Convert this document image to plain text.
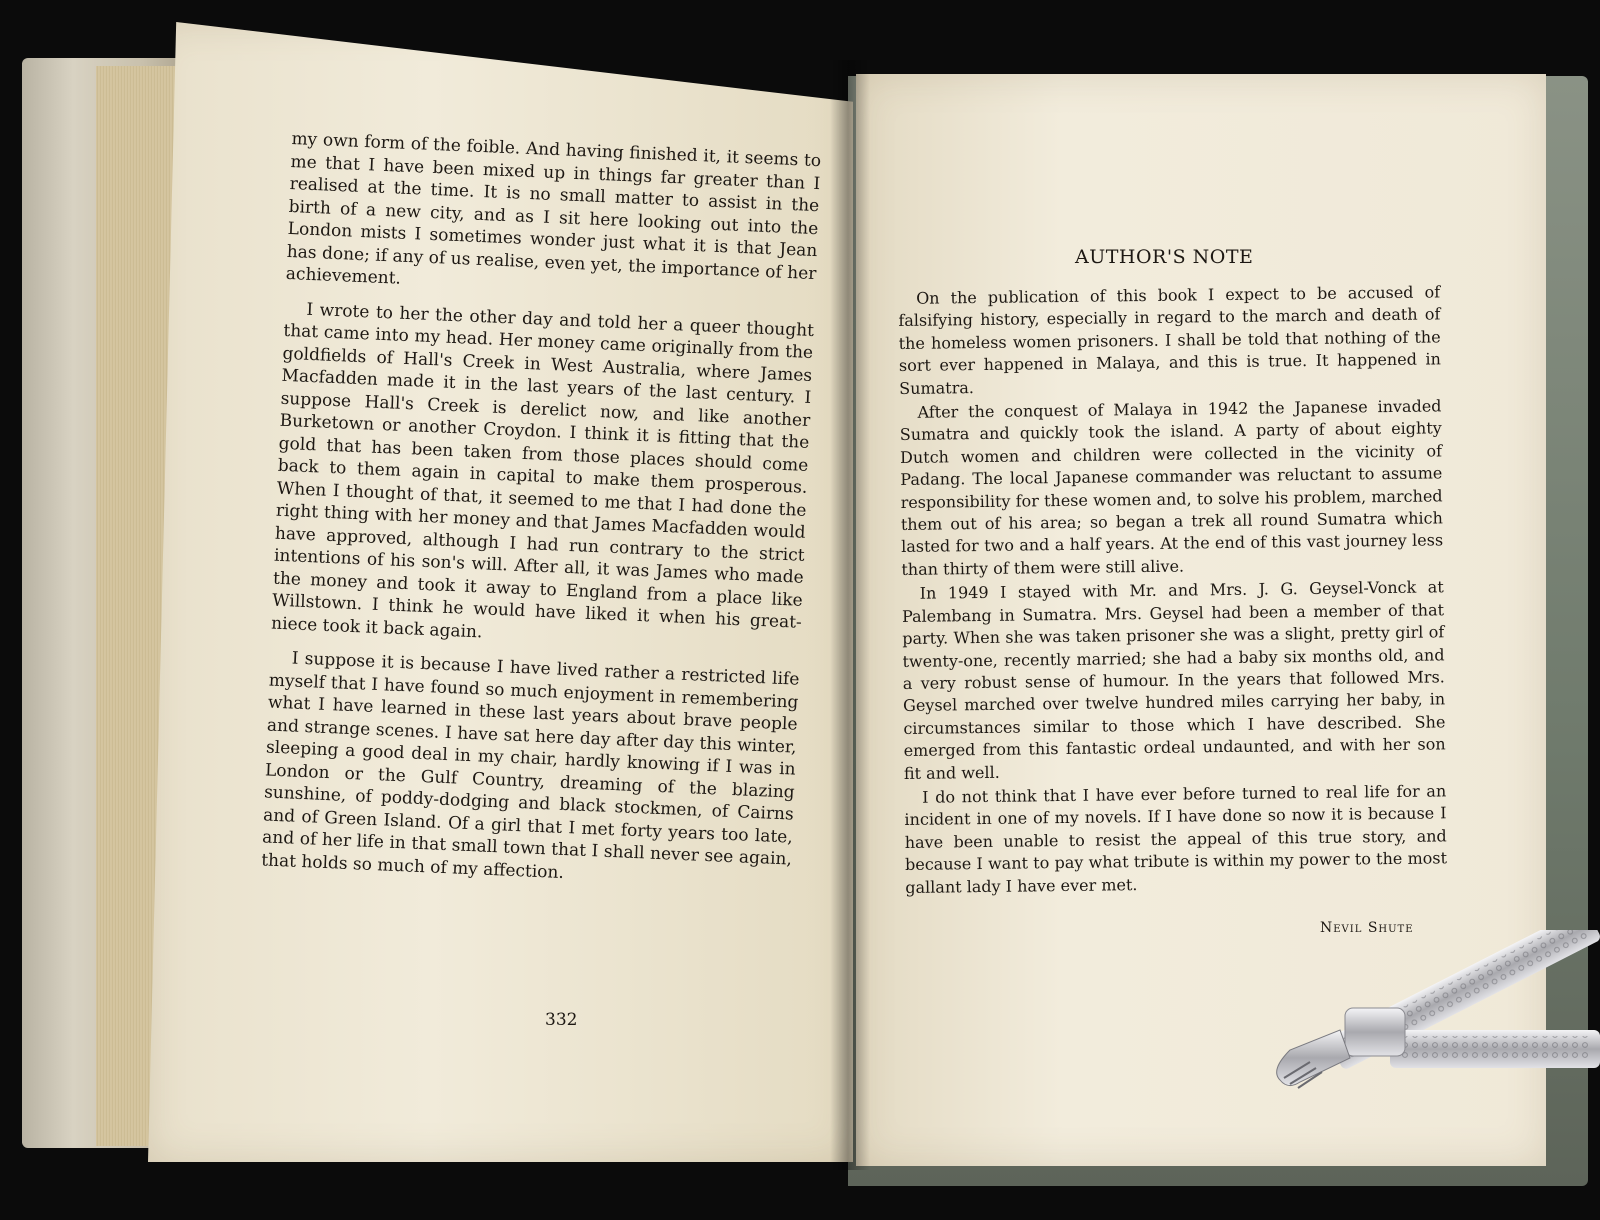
my own form of the foible. And having finished it, it seems to me that I have been mixed up in things far greater than I realised at the time. It is no small matter to assist in the birth of a new city, and as I sit here looking out into the London mists I sometimes wonder just what it is that Jean has done; if any of us realise, even yet, the importance of her achievement.

I wrote to her the other day and told her a queer thought that came into my head. Her money came originally from the goldfields of Hall's Creek in West Australia, where James Macfadden made it in the last years of the last century. I suppose Hall's Creek is derelict now, and like another Burketown or another Croydon. I think it is fitting that the gold that has been taken from those places should come back to them again in capital to make them prosperous. When I thought of that, it seemed to me that I had done the right thing with her money and that James Macfadden would have approved, although I had run contrary to the strict intentions of his son's will. After all, it was James who made the money and took it away to England from a place like Willstown. I think he would have liked it when his great-niece took it back again.

I suppose it is because I have lived rather a restricted life myself that I have found so much enjoyment in remembering what I have learned in these last years about brave people and strange scenes. I have sat here day after day this winter, sleeping a good deal in my chair, hardly knowing if I was in London or the Gulf Country, dreaming of the blazing sunshine, of poddy-dodging and black stockmen, of Cairns and of Green Island. Of a girl that I met forty years too late, and of her life in that small town that I shall never see again, that holds so much of my affection.

332
AUTHOR'S NOTE

On the publication of this book I expect to be accused of falsifying history, especially in regard to the march and death of the homeless women prisoners. I shall be told that nothing of the sort ever happened in Malaya, and this is true. It happened in Sumatra.

After the conquest of Malaya in 1942 the Japanese invaded Sumatra and quickly took the island. A party of about eighty Dutch women and children were collected in the vicinity of Padang. The local Japanese commander was reluctant to assume responsibility for these women and, to solve his problem, marched them out of his area; so began a trek all round Sumatra which lasted for two and a half years. At the end of this vast journey less than thirty of them were still alive.

In 1949 I stayed with Mr. and Mrs. J. G. Geysel-Vonck at Palembang in Sumatra. Mrs. Geysel had been a member of that party. When she was taken prisoner she was a slight, pretty girl of twenty-one, recently married; she had a baby six months old, and a very robust sense of humour. In the years that followed Mrs. Geysel marched over twelve hundred miles carrying her baby, in circumstances similar to those which I have described. She emerged from this fantastic ordeal undaunted, and with her son fit and well.

I do not think that I have ever before turned to real life for an incident in one of my novels. If I have done so now it is because I have been unable to resist the appeal of this true story, and because I want to pay what tribute is within my power to the most gallant lady I have ever met.

Nevil Shute
